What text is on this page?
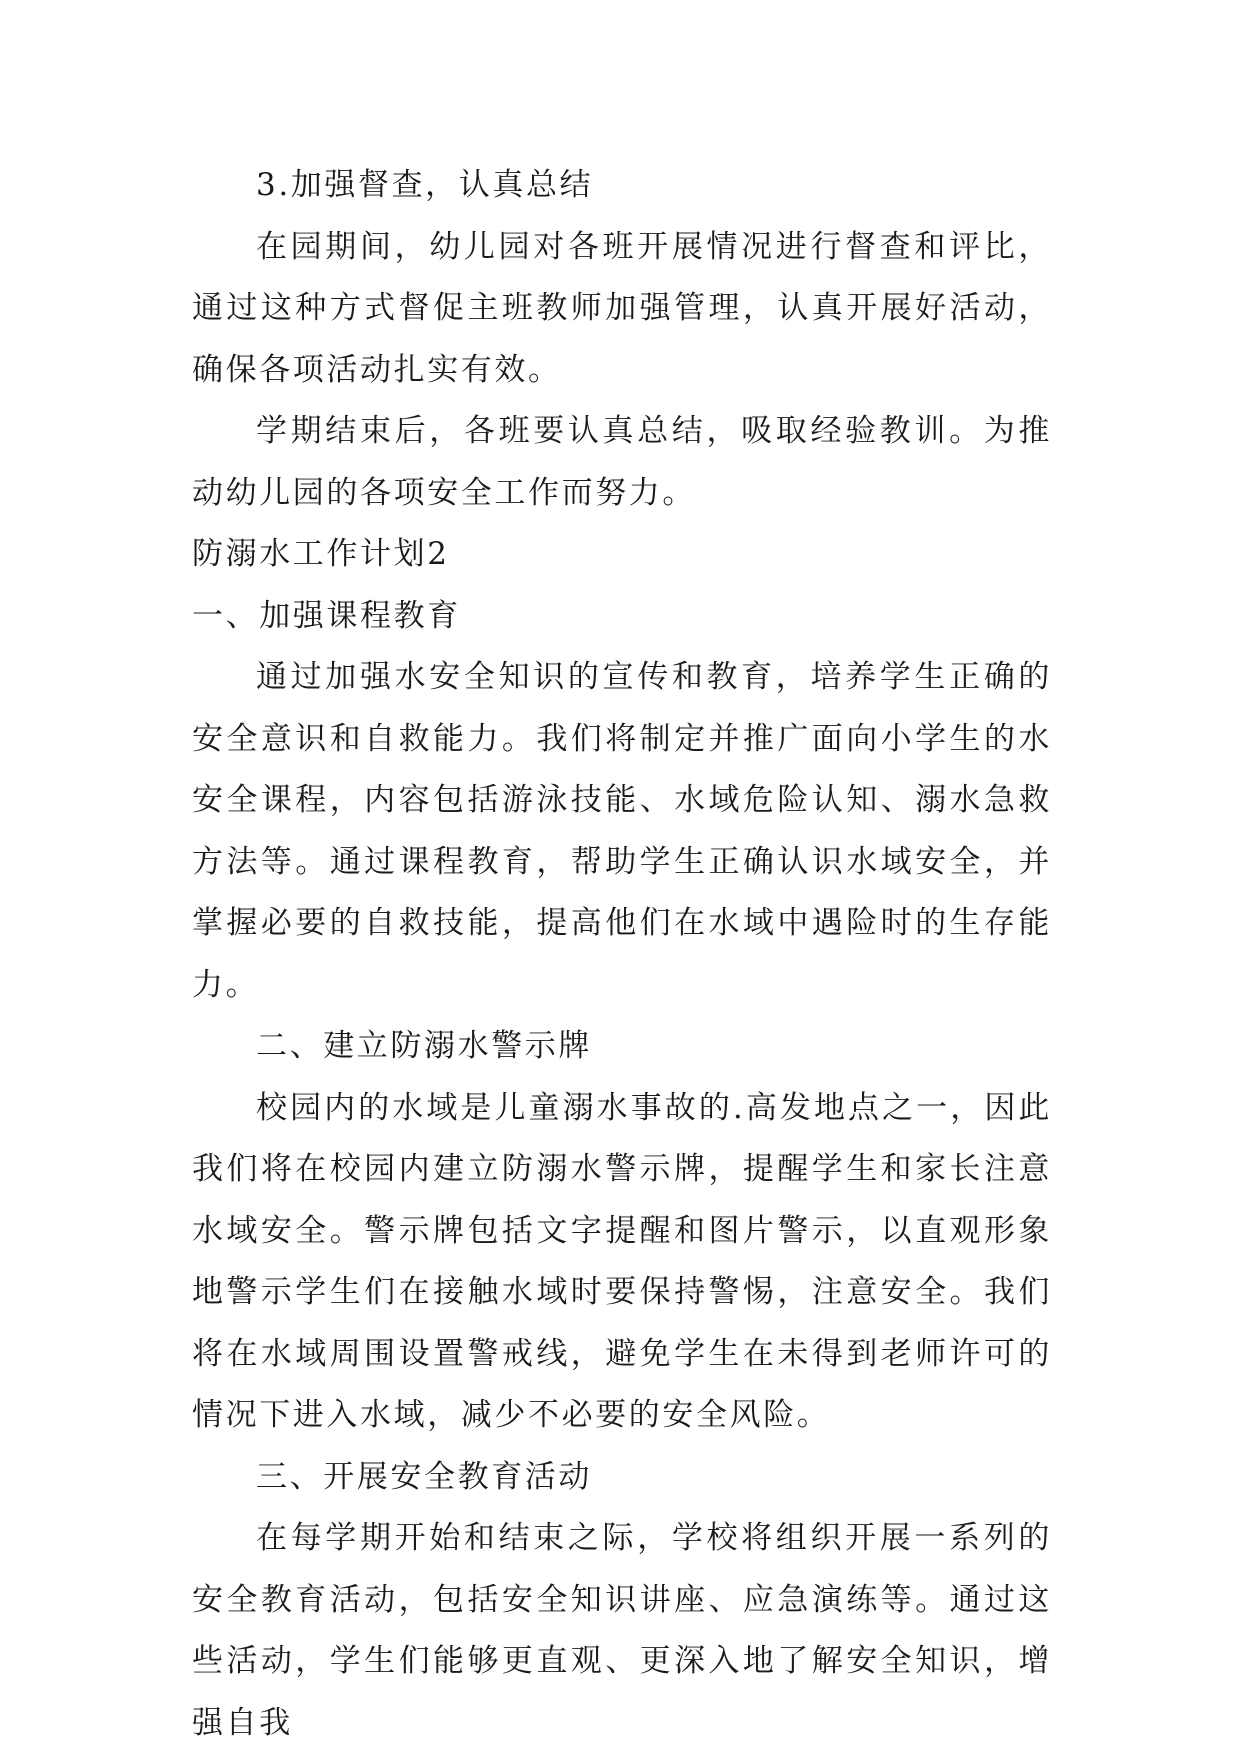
3.加强督查，认真总结

在园期间，幼儿园对各班开展情况进行督查和评比，通过这种方式督促主班教师加强管理，认真开展好活动，确保各项活动扎实有效。

学期结束后，各班要认真总结，吸取经验教训。为推动幼儿园的各项安全工作而努力。

防溺水工作计划2

一、加强课程教育

通过加强水安全知识的宣传和教育，培养学生正确的安全意识和自救能力。我们将制定并推广面向小学生的水安全课程，内容包括游泳技能、水域危险认知、溺水急救方法等。通过课程教育，帮助学生正确认识水域安全，并掌握必要的自救技能，提高他们在水域中遇险时的生存能力。

二、建立防溺水警示牌

校园内的水域是儿童溺水事故的.高发地点之一，因此我们将在校园内建立防溺水警示牌，提醒学生和家长注意水域安全。警示牌包括文字提醒和图片警示，以直观形象地警示学生们在接触水域时要保持警惕，注意安全。我们将在水域周围设置警戒线，避免学生在未得到老师许可的情况下进入水域，减少不必要的安全风险。

三、开展安全教育活动

在每学期开始和结束之际，学校将组织开展一系列的安全教育活动，包括安全知识讲座、应急演练等。通过这些活动，学生们能够更直观、更深入地了解安全知识，增强自我
